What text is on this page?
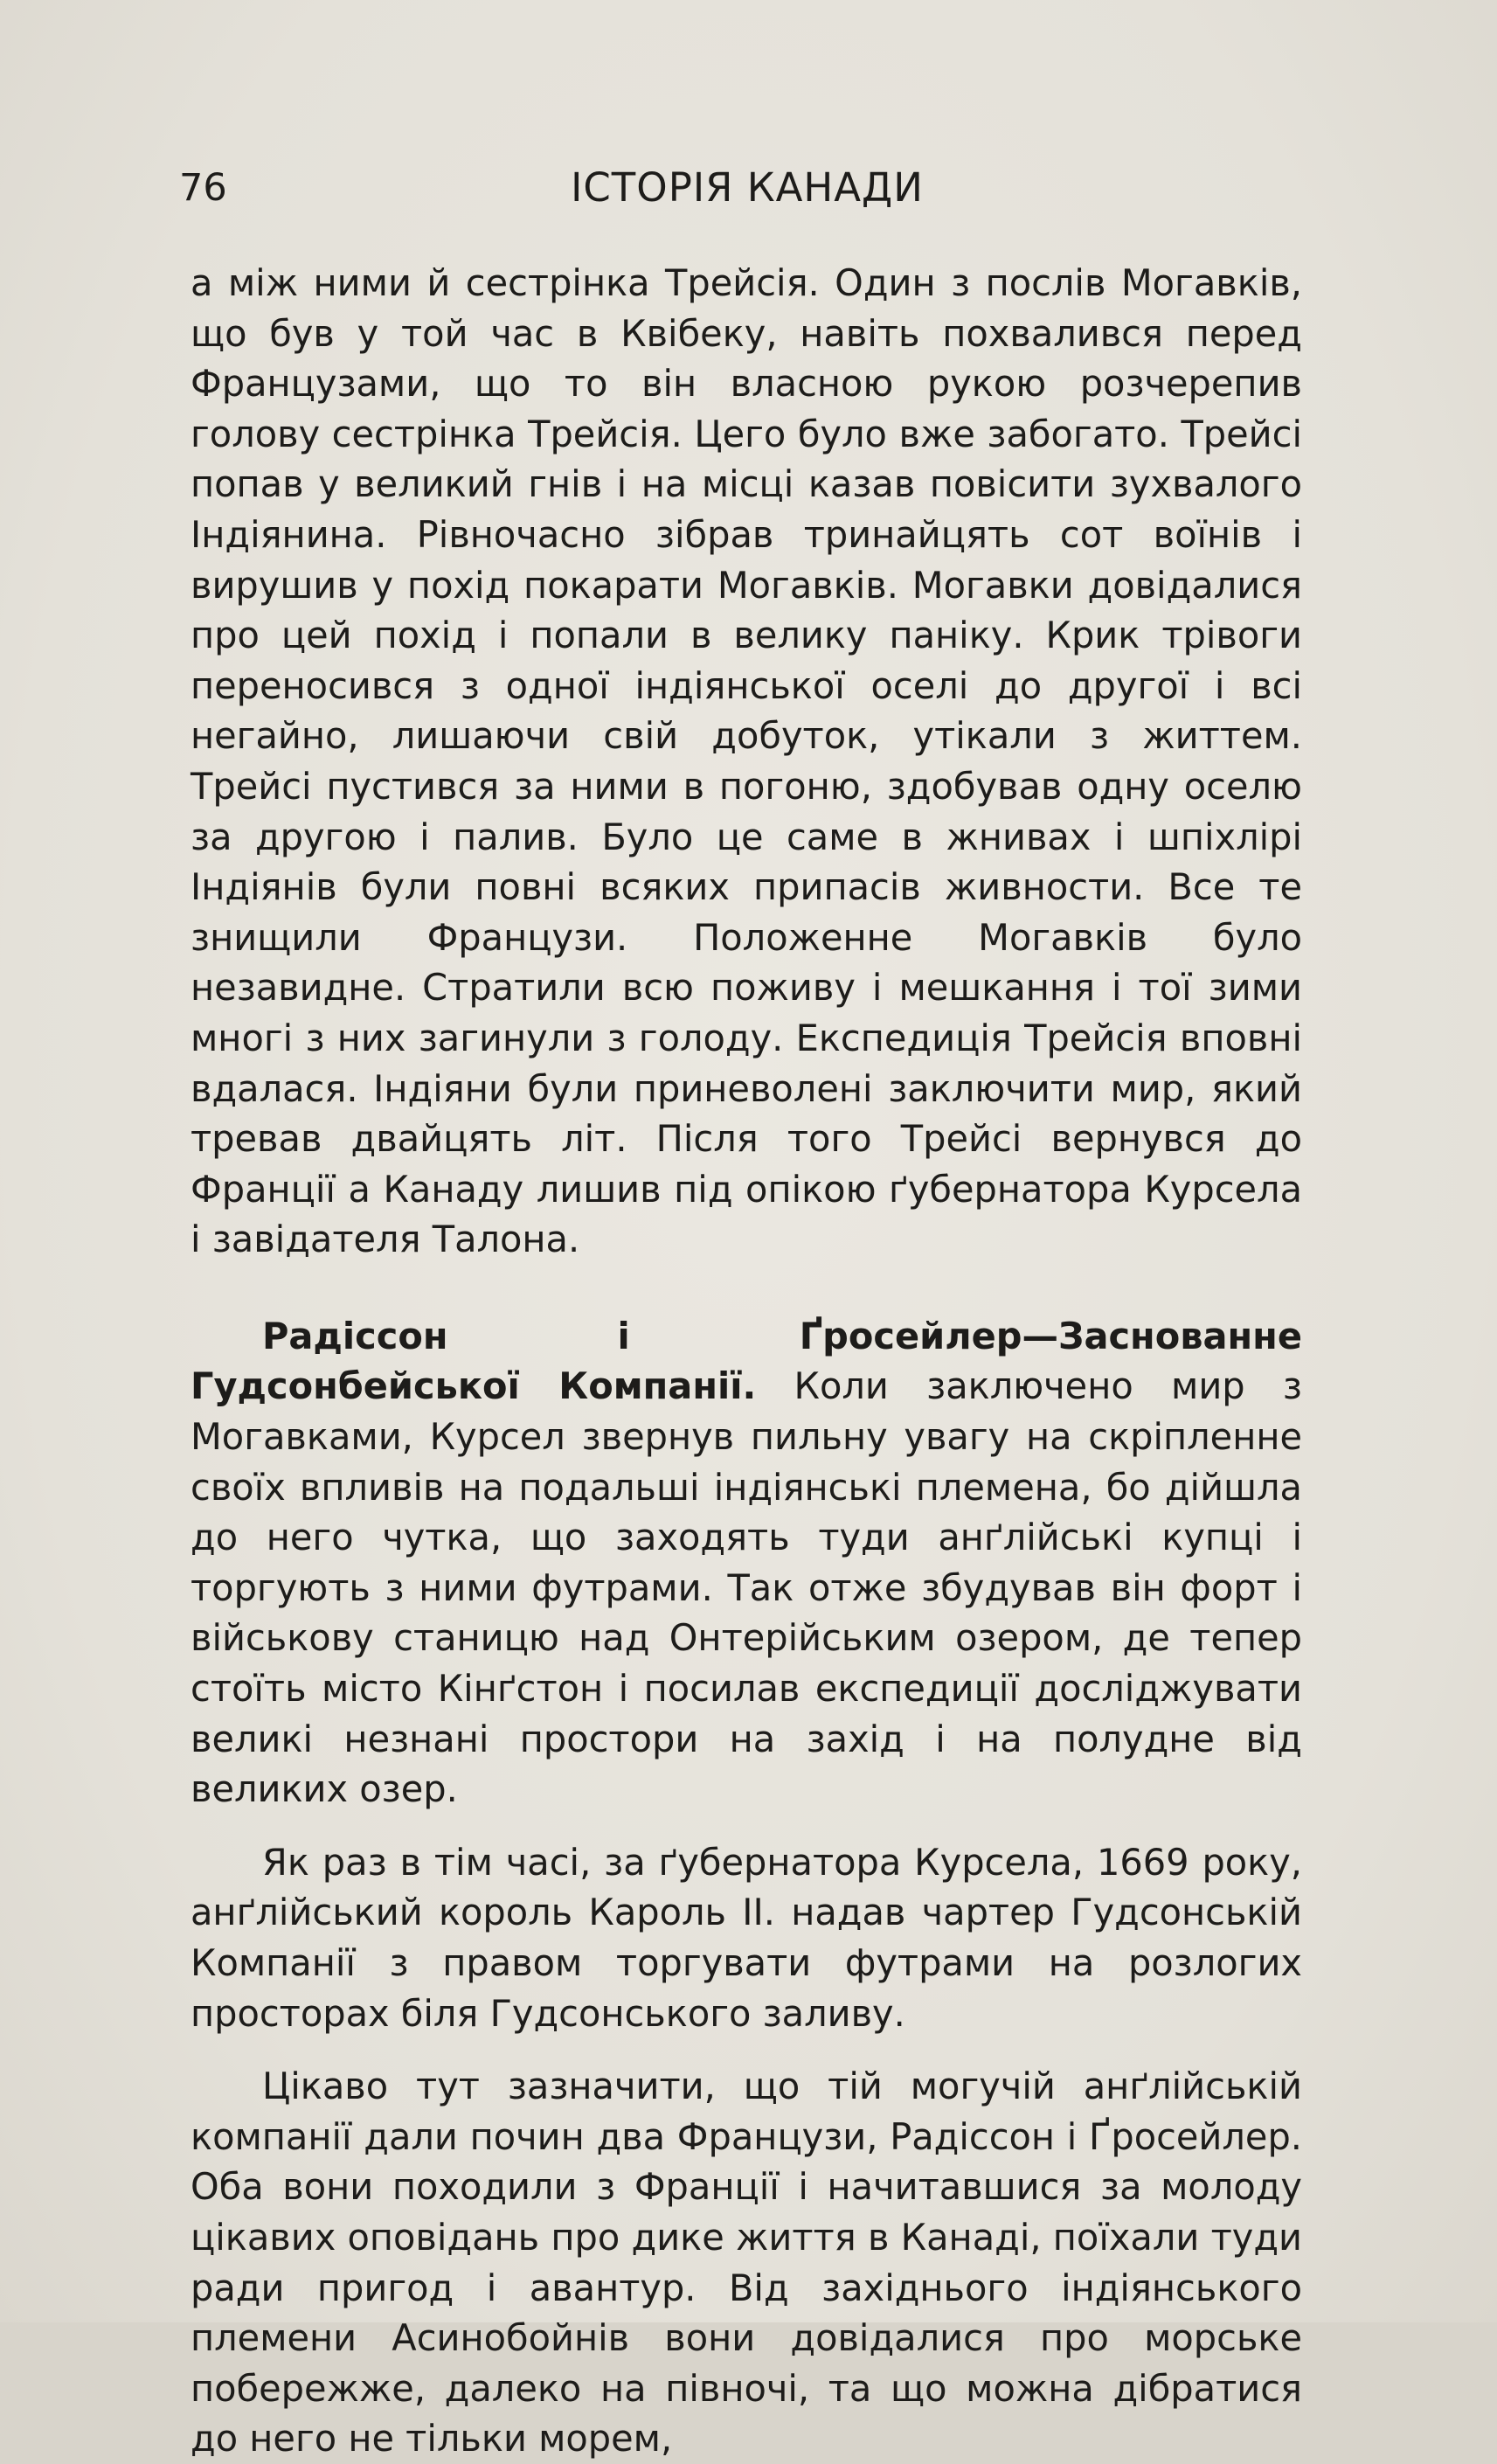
76	ІСТОРІЯ КАНАДИ

а між ними й сестрінка Трейсія. Один з послів Могавків, що був у той час в Квібеку, навіть похвалився перед Французами, що то він власною рукою розчерепив голову сестрінка Трейсія. Цего було вже забогато. Трейсі попав у великий гнів і на місці казав повісити зухвалого Індіянина. Рівночасно зібрав тринайцять сот воїнів і вирушив у похід покарати Могавків. Могавки довідалися про цей похід і попали в велику паніку. Крик трівоги переносився з одної індіянської оселі до другої і всі негайно, лишаючи свій добуток, утікали з життем. Трейсі пустився за ними в погоню, здобував одну оселю за другою і палив. Було це саме в жнивах і шпіхлірі Індіянів були повні всяких припасів живности. Все те знищили Французи. Положенне Могавків було незавидне. Стратили всю поживу і мешкання і тої зими многі з них загинули з голоду. Експедиція Трейсія вповні вдалася. Індіяни були приневолені заключити мир, який тревав двайцять літ. Після того Трейсі вернувся до Франції а Канаду лишив під опікою ґубернатора Курсела і завідателя Талона.

Радіссон і Ґросейлер—Заснованне Гудсонбейської Компанії. Коли заключено мир з Могавками, Курсел звернув пильну увагу на скріпленне своїх впливів на подальші індіянські племена, бо дійшла до него чутка, що заходять туди анґлійські купці і торгують з ними футрами. Так отже збудував він форт і військову станицю над Онтерійським озером, де тепер стоїть місто Кінґстон і посилав експедиції досліджувати великі незнані простори на захід і на полудне від великих озер.

Як раз в тім часі, за ґубернатора Курсела, 1669 року, анґлійський король Кароль II. надав чартер Гудсонській Компанії з правом торгувати футрами на розлогих просторах біля Гудсонського заливу.

Цікаво тут зазначити, що тій могучій анґлійській компанії дали почин два Французи, Радіссон і Ґросейлер. Оба вони походили з Франції і начитавшися за молоду цікавих оповідань про дике життя в Канаді, поїхали туди ради пригод і авантур. Від західнього індіянського племени Асинобойнів вони довідалися про морське побережже, далеко на півночі, та що можна дібратися до него не тільки морем,
